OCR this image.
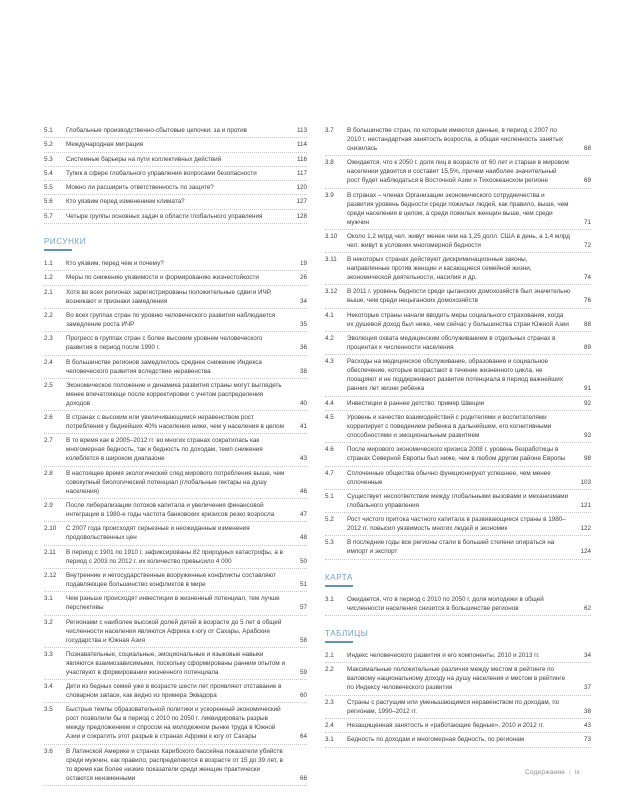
5.1	Глобальные производственно-сбытовые цепочки: за и против	113
5.2	Международная миграция	114
5.3	Системные барьеры на пути коллективных действий	116
5.4	Тупик в сфере глобального управления вопросами безопасности	117
5.5	Можно ли расширить ответственность по защите?	120
5.6	Кто уязвим перед изменением климата?	127
5.7	Четыре группы основных задач в области глобального управления	128
РИСУНКИ
1.1	Кто уязвим, перед чем и почему?	19
1.2	Меры по снижению уязвимости и формированию жизнестойкости	26
2.1	Хотя во всех регионах зарегистрированы положительные сдвиги ИЧР, возникают и признаки замедления	34
2.2	Во всех группах стран по уровню человеческого развития наблюдается замедление роста ИЧР	35
2.3	Прогресс в группах стран с более высоким уровнем человеческого развития в период после 1990 г.	36
2.4	В большинстве регионов замедлилось среднее снижение Индекса человеческого развития вследствие неравенства	38
2.5	Экономическое положение и динамика развития страны могут выглядеть менее впечатляюще после корректировки с учетом распределения доходов	40
2.6	В странах с высоким или увеличивающимся неравенством рост потребления у беднейших 40% населения ниже, чем у населения в целом	41
2.7	В то время как в 2005–2012 гг. во многих странах сократилась как многомерная бедность, так и бедность по доходам, темп снижения колеблется в широком диапазоне	43
2.8	В настоящее время экологический след мирового потребления выше, чем совокупный биологический потенциал (глобальные гектары на душу населения)	46
2.9	После либерализации потоков капитала и увеличения финансовой интеграции в 1980-е годы частота банковских кризисов резко возросла	47
2.10	С 2007 года происходят серьезные и неожиданные изменения продовольственных цен	48
2.11	В период с 1901 по 1910 г. зафиксированы 82 природных катастрофы, а в период с 2003 по 2012 г. их количество превысило 4 000	50
2.12	Внутренние и негосударственные вооруженные конфликты составляют подавляющее большинство конфликтов в мире	51
3.1	Чем раньше происходят инвестиции в жизненный потенциал, тем лучше перспективы	57
3.2	Регионами с наиболее высокой долей детей в возрасте до 5 лет в общей численности населения являются Африка к югу от Сахары, Арабские государства и Южная Азия	58
3.3	Познавательные, социальные, эмоциональные и языковые навыки являются взаимозависимыми, поскольку сформированы ранним опытом и участвуют в формировании жизненного потенциала	59
3.4	Дети из бедных семей уже в возрасте шести лет проявляют отставание в словарном запасе, как видно из примера Эквадора	60
3.5	Быстрые темпы образовательной политики и ускоренный экономический рост позволили бы в период с 2010 по 2050 г. ликвидировать разрыв между предложением и спросом на молодежном рынке труда в Южной Азии и сократить этот разрыв в странах Африки к югу от Сахары	64
3.6	В Латинской Америке и странах Карибского бассейна показатели убийств среди мужчин, как правило, распределяются в возрасте от 15 до 39 лет, в то время как более низкие показатели среди женщин практически остаются неизменными	66
3.7	В большинстве стран, по которым имеются данные, в период с 2007 по 2010 г. нестандартная занятость возросла, а общая численность занятых снизилась	68
3.8	Ожидается, что к 2050 г. доля лиц в возрасте от 60 лет и старше в мировом населении удвоится и составит 15,5%, причем наиболее значительный рост будет наблюдаться в Восточной Азии и Тихоокеанском регионе	69
3.9	В странах – членах Организации экономического сотрудничества и развития уровень бедности среди пожилых людей, как правило, выше, чем среди населения в целом, а среди пожилых женщин выше, чем среди мужчин	71
3.10	Около 1,2 млрд чел. живут менее чем на 1,25 долл. США в день, а 1,4 млрд чел. живут в условиях многомерной бедности	72
3.11	В некоторых странах действуют дискриминационные законы, направленные против женщин и касающиеся семейной жизни, экономической деятельности, насилия и др.	74
3.12	В 2011 г. уровень бедности среди цыганских домохозяйств был значительно выше, чем среди нецыганских домохозяйств	76
4.1	Некоторые страны начали вводить меры социального страхования, когда их душевой доход был ниже, чем сейчас у большинства стран Южной Азии	88
4.2	Эволюция охвата медицинским обслуживанием в отдельных странах в процентах к численности населения	89
4.3	Расходы на медицинское обслуживание, образование и социальное обеспечение, которые возрастают в течение жизненного цикла, не поощряют и не поддерживают развитие потенциала в период важнейших ранних лет жизни ребенка	91
4.4	Инвестиции в раннее детство: пример Швеции	92
4.5	Уровень и качество взаимодействий с родителями и воспитателями коррелирует с поведением ребенка в дальнейшем, его когнитивными способностями и эмоциональным развитием	93
4.6	После мирового экономического кризиса 2008 г. уровень безработицы в странах Северной Европы был ниже, чем в любом другом районе Европы	98
4.7	Сплоченные общества обычно функционируют успешнее, чем менее сплоченные	103
5.1	Существует несоответствие между глобальными вызовами и механизмами глобального управления	121
5.2	Рост чистого притока частного капитала в развивающиеся страны в 1980–2012 гг. повысил уязвимость многих людей и экономик	122
5.3	В последние годы все регионы стали в большей степени опираться на импорт и экспорт	124
КАРТА
3.1	Ожидается, что в период с 2010 по 2050 г. доля молодежи в общей численности населения снизится в большинстве регионов	62
ТАБЛИЦЫ
2.1	Индекс человеческого развития и его компоненты, 2010 и 2013 гг.	34
2.2	Максимальные положительные различия между местом в рейтинге по валовому национальному доходу на душу населения и местом в рейтинге по Индексу человеческого развития	37
2.3	Страны с растущим или уменьшающимся неравенством по доходам, по регионам, 1990–2012 гг.	38
2.4	Незащищенная занятость и «работающие бедные», 2010 и 2012 гг.	43
3.1	Бедность по доходам и многомерная бедность, по регионам	73
Содержание | ix
